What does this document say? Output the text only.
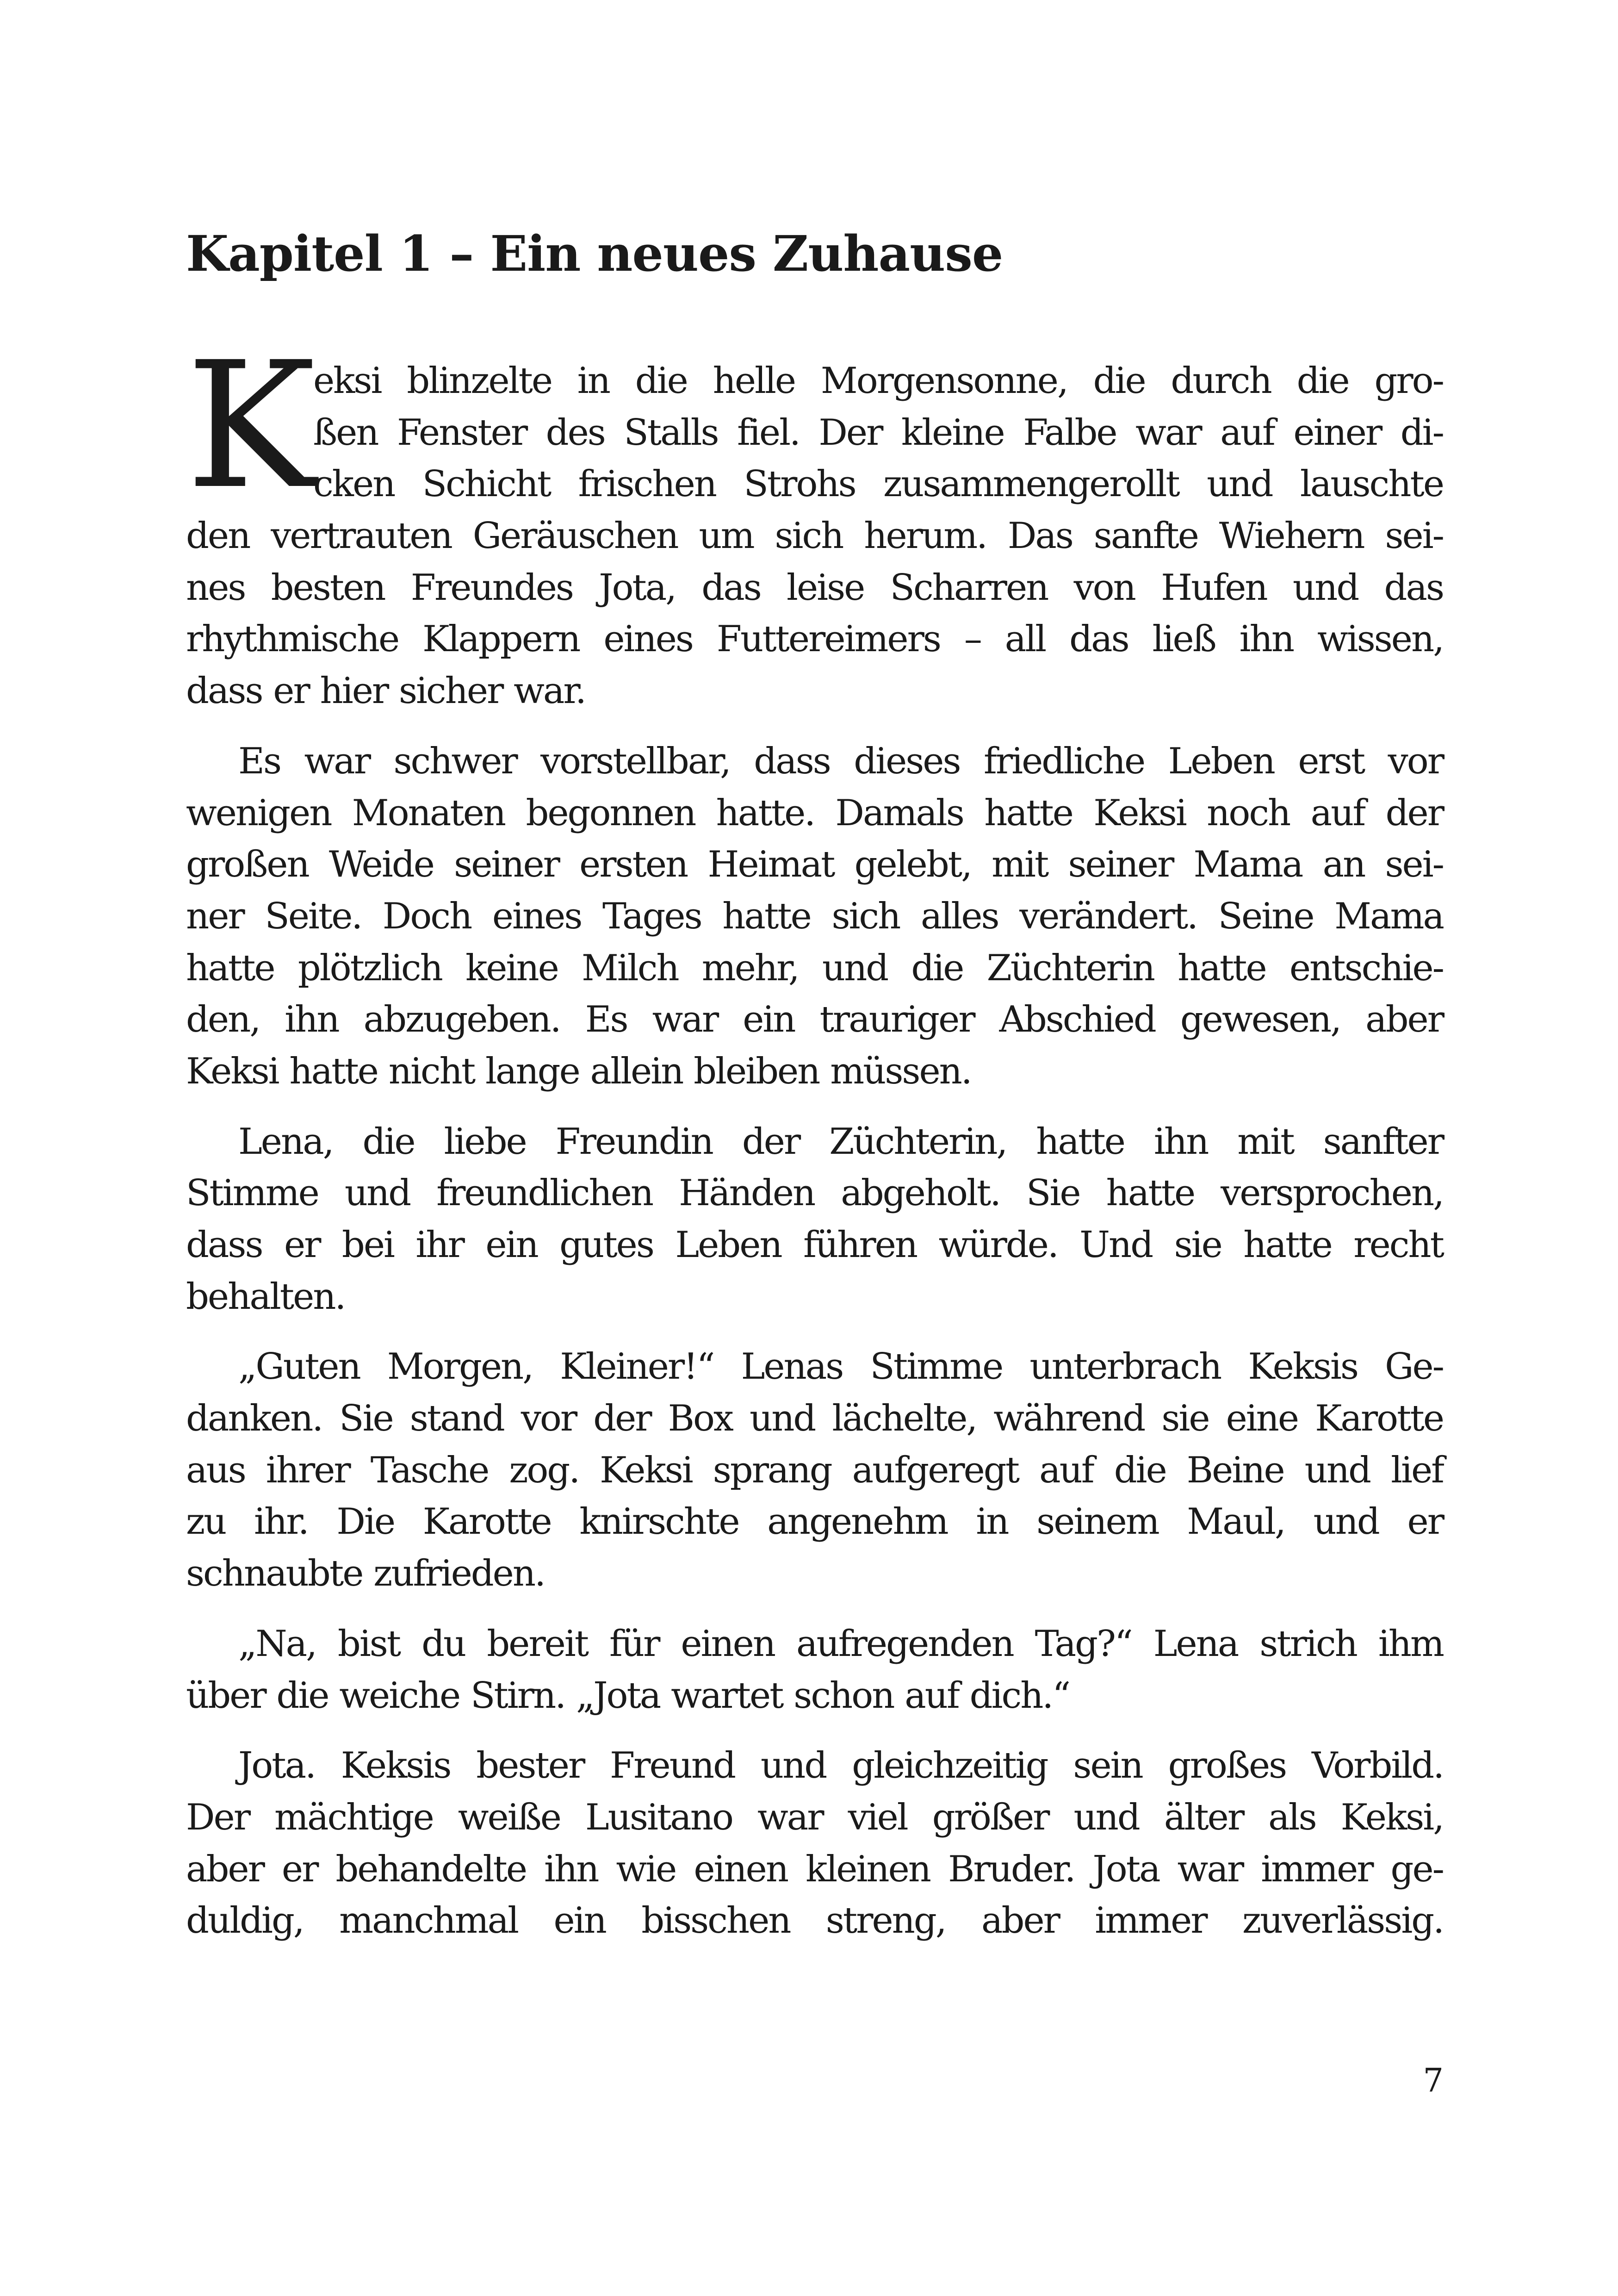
Kapitel 1 – Ein neues Zuhause
K eksi blinzelte in die helle Morgensonne, die durch die gro-
ßen Fenster des Stalls fiel. Der kleine Falbe war auf einer di-
cken Schicht frischen Strohs zusammengerollt und lauschte
den vertrauten Geräuschen um sich herum. Das sanfte Wiehern sei-
nes besten Freundes Jota, das leise Scharren von Hufen und das
rhythmische Klappern eines Futtereimers – all das ließ ihn wissen,
dass er hier sicher war.
Es war schwer vorstellbar, dass dieses friedliche Leben erst vor
wenigen Monaten begonnen hatte. Damals hatte Keksi noch auf der
großen Weide seiner ersten Heimat gelebt, mit seiner Mama an sei-
ner Seite. Doch eines Tages hatte sich alles verändert. Seine Mama
hatte plötzlich keine Milch mehr, und die Züchterin hatte entschie-
den, ihn abzugeben. Es war ein trauriger Abschied gewesen, aber
Keksi hatte nicht lange allein bleiben müssen.
Lena, die liebe Freundin der Züchterin, hatte ihn mit sanfter
Stimme und freundlichen Händen abgeholt. Sie hatte versprochen,
dass er bei ihr ein gutes Leben führen würde. Und sie hatte recht
behalten.
„Guten Morgen, Kleiner!“ Lenas Stimme unterbrach Keksis Ge-
danken. Sie stand vor der Box und lächelte, während sie eine Karotte
aus ihrer Tasche zog. Keksi sprang aufgeregt auf die Beine und lief
zu ihr. Die Karotte knirschte angenehm in seinem Maul, und er
schnaubte zufrieden.
„Na, bist du bereit für einen aufregenden Tag?“ Lena strich ihm
über die weiche Stirn. „Jota wartet schon auf dich.“
Jota. Keksis bester Freund und gleichzeitig sein großes Vorbild.
Der mächtige weiße Lusitano war viel größer und älter als Keksi,
aber er behandelte ihn wie einen kleinen Bruder. Jota war immer ge-
duldig, manchmal ein bisschen streng, aber immer zuverlässig.
7
